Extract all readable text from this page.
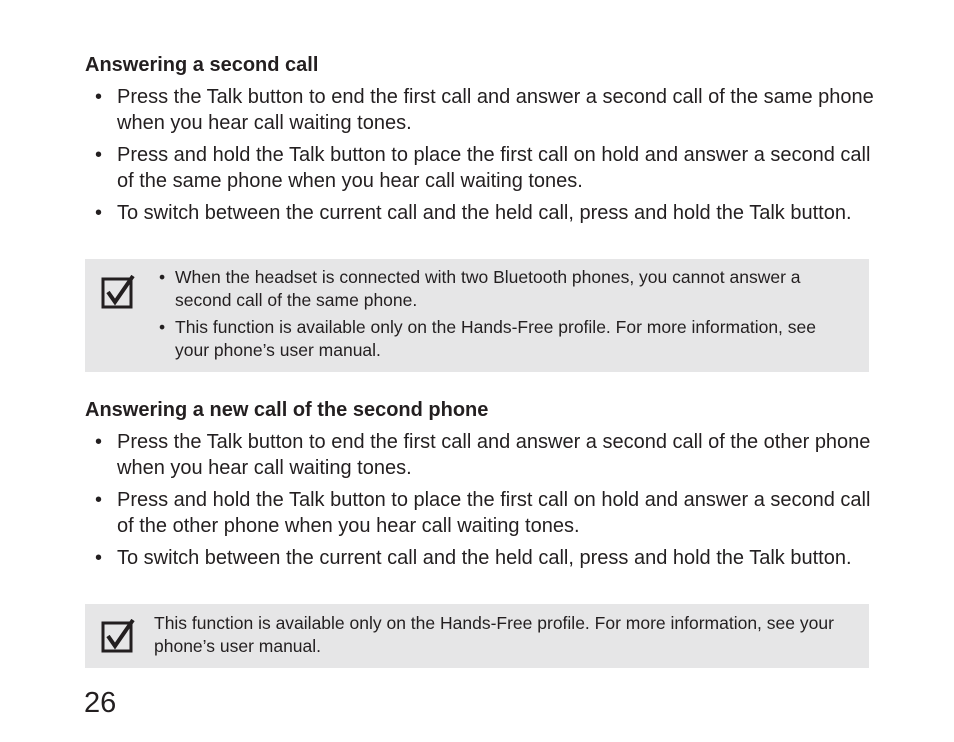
Answering a second call
• Press the Talk button to end the first call and answer a second call of the same phone when you hear call waiting tones.
• Press and hold the Talk button to place the first call on hold and answer a second call of the same phone when you hear call waiting tones.
• To switch between the current call and the held call, press and hold the Talk button.
• When the headset is connected with two Bluetooth phones, you cannot answer a second call of the same phone.
• This function is available only on the Hands-Free profile. For more information, see your phone’s user manual.
Answering a new call of the second phone
• Press the Talk button to end the first call and answer a second call of the other phone when you hear call waiting tones.
• Press and hold the Talk button to place the first call on hold and answer a second call of the other phone when you hear call waiting tones.
• To switch between the current call and the held call, press and hold the Talk button.

This function is available only on the Hands-Free profile. For more information, see your phone’s user manual.

26
